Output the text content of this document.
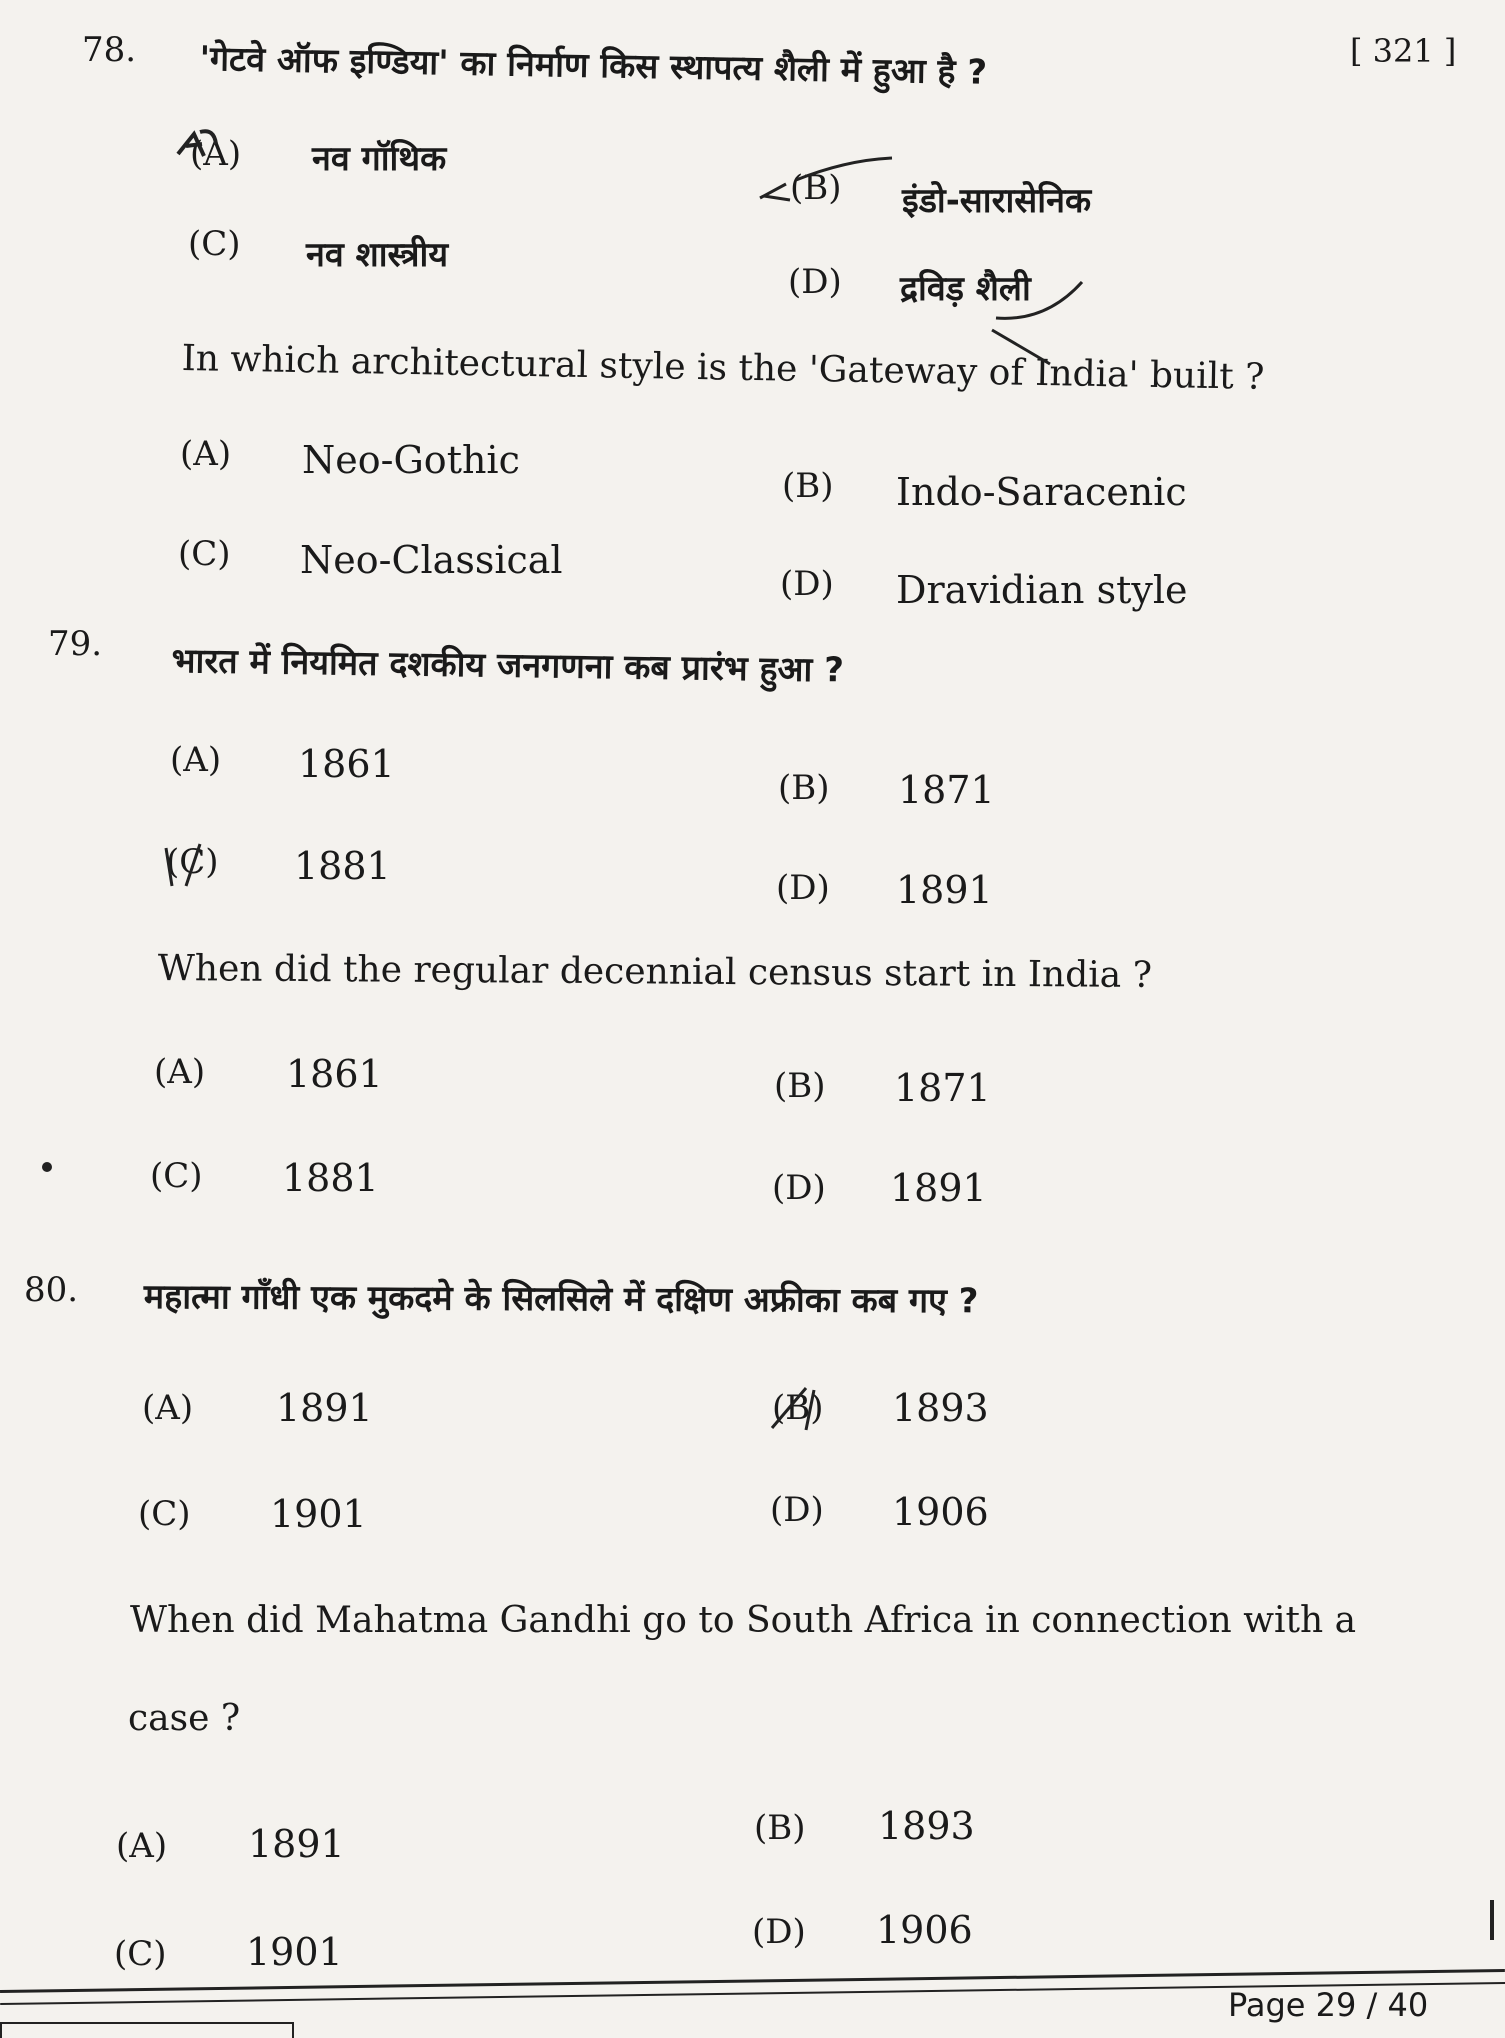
[ 321 ]
78. 'गेटवे ऑफ इण्डिया' का निर्माण किस स्थापत्य शैली में हुआ है ?
(A) नव गॉथिक
(B) इंडो-सारासेनिक
(C) नव शास्त्रीय
(D) द्रविड़ शैली
In which architectural style is the 'Gateway of India' built ?
(A) Neo-Gothic
(B) Indo-Saracenic
(C) Neo-Classical
(D) Dravidian style
79. भारत में नियमित दशकीय जनगणना कब प्रारंभ हुआ ?
(A) 1861
(B) 1871
(C) 1881	(D) 1891
When did the regular decennial census start in India ?
(A) 1861	(B) 1871
(C) 1881	(D) 1891
80. महात्मा गाँधी एक मुकदमे के सिलसिले में दक्षिण अफ्रीका कब गए ?
(A) 1891	(B) 1893
(C) 1901	(D) 1906
When did Mahatma Gandhi go to South Africa in connection with a
case ?
(A) 1891	(B) 1893
(C) 1901	(D) 1906
Page 29 / 40
